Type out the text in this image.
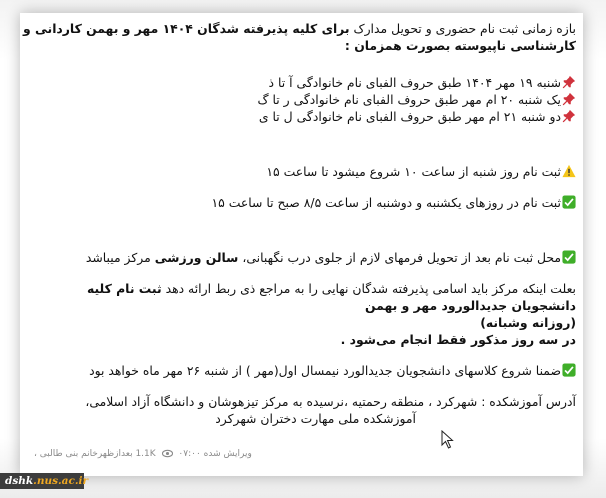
بازه زمانی ثبت نام حضوری و تحویل مدارک برای کلیه پذیرفته شدگان ۱۴۰۴ مهر و بهمن کاردانی و

کارشناسی ناپیوسته بصورت همزمان :

شنبه ۱۹ مهر ۱۴۰۴ طبق حروف الفبای نام خانوادگی آ تا ذ

یک شنبه ۲۰ ام مهر طبق حروف الفبای نام خانوادگی ر تا گ

دو شنبه ۲۱ ام مهر طبق حروف الفبای نام خانوادگی ل تا ی

ثبت نام روز شنبه از ساعت ۱۰ شروع میشود تا ساعت ۱۵

ثبت نام در روزهای یکشنبه و دوشنبه از ساعت ۸/۵ صبح تا ساعت ۱۵

محل ثبت نام بعد از تحویل فرمهای لازم از جلوی درب نگهبانی، سالن ورزشی مرکز میباشد

بعلت اینکه مرکز باید اسامی پذیرفته شدگان نهایی را به مراجع ذی ربط ارائه دهد ثبت نام کلیه

دانشجویان جدیدالورود مهر و بهمن

(روزانه وشبانه)

در سه روز مذکور فقط انجام می‌شود .

ضمنا شروع کلاسهای دانشجویان جدیدالورد نیمسال اول(مهر ) از شنبه ۲۶ مهر ماه خواهد بود

آدرس آموزشکده : شهرکرد ، منطقه رحمتیه ،نرسیده به مرکز تیزهوشان و دانشگاه آزاد اسلامی،

آموزشکده ملی مهارت دختران شهرکرد

ویرایش شده 1.1K  ۰۷:۰۰ بعدازظهرخانم بنی طالبی ،
dshk.nus.ac.ir
